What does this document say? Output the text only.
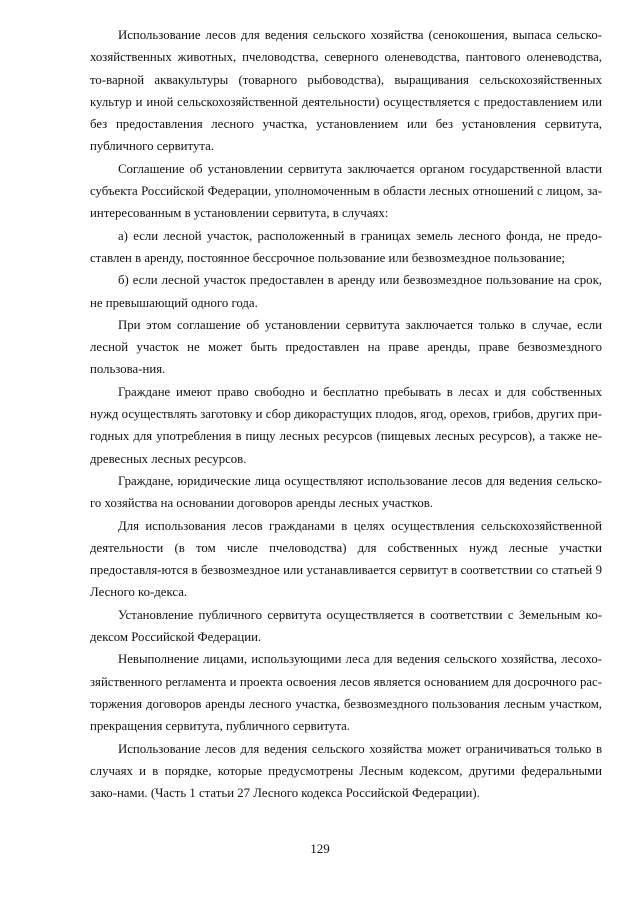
Использование лесов для ведения сельского хозяйства (сенокошения, выпаса сельско-хозяйственных животных, пчеловодства, северного оленеводства, пантового оленеводства, то-варной аквакультуры (товарного рыбоводства), выращивания сельскохозяйственных культур и иной сельскохозяйственной деятельности) осуществляется с предоставлением или без предоставления лесного участка, установлением или без установления сервитута, публичного сервитута.

Соглашение об установлении сервитута заключается органом государственной власти субъекта Российской Федерации, уполномоченным в области лесных отношений с лицом, за-интересованным в установлении сервитута, в случаях:

а) если лесной участок, расположенный в границах земель лесного фонда, не предо-ставлен в аренду, постоянное бессрочное пользование или безвозмездное пользование;

б) если лесной участок предоставлен в аренду или безвозмездное пользование на срок, не превышающий одного года.

При этом соглашение об установлении сервитута заключается только в случае, если лесной участок не может быть предоставлен на праве аренды, праве безвозмездного пользова-ния.

Граждане имеют право свободно и бесплатно пребывать в лесах и для собственных нужд осуществлять заготовку и сбор дикорастущих плодов, ягод, орехов, грибов, других при-годных для употребления в пищу лесных ресурсов (пищевых лесных ресурсов), а также не-древесных лесных ресурсов.

Граждане, юридические лица осуществляют использование лесов для ведения сельско-го хозяйства на основании договоров аренды лесных участков.

Для использования лесов гражданами в целях осуществления сельскохозяйственной деятельности (в том числе пчеловодства) для собственных нужд лесные участки предоставля-ются в безвозмездное или устанавливается сервитут в соответствии со статьей 9 Лесного ко-декса.

Установление публичного сервитута осуществляется в соответствии с Земельным ко-дексом Российской Федерации.

Невыполнение лицами, использующими леса для ведения сельского хозяйства, лесохо-зяйственного регламента и проекта освоения лесов является основанием для досрочного рас-торжения договоров аренды лесного участка, безвозмездного пользования лесным участком, прекращения сервитута, публичного сервитута.

Использование лесов для ведения сельского хозяйства может ограничиваться только в случаях и в порядке, которые предусмотрены Лесным кодексом, другими федеральными зако-нами. (Часть 1 статьи 27 Лесного кодекса Российской Федерации).

129
